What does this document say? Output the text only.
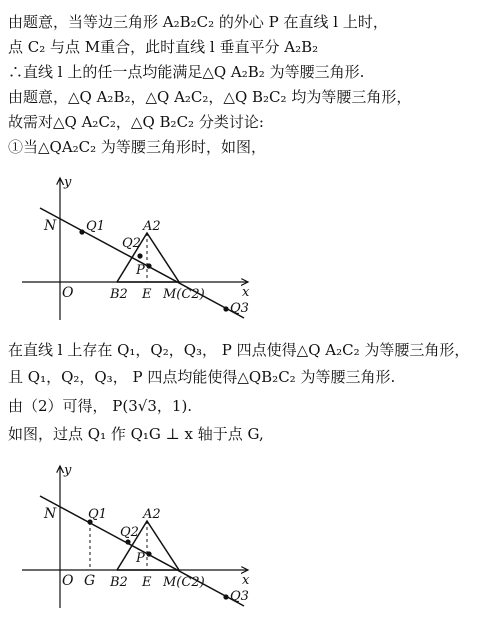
由题意，当等边三角形 A₂B₂C₂ 的外心 P 在直线 l 上时，
点 C₂ 与点 M重合，此时直线 l 垂直平分 A₂B₂
∴直线 l 上的任一点均能满足△Q A₂B₂ 为等腰三角形.
由题意，△Q A₂B₂，△Q A₂C₂，△Q B₂C₂ 均为等腰三角形，
故需对△Q A₂C₂，△Q B₂C₂ 分类讨论:
①当△QA₂C₂ 为等腰三角形时，如图，
y
x
N
O
Q1
Q2
A2
P
B2 E M(C2)
Q3
在直线 l 上存在 Q₁，Q₂，Q₃， P 四点使得△Q A₂C₂ 为等腰三角形，
且 Q₁，Q₂，Q₃， P 四点均能使得△QB₂C₂ 为等腰三角形.
由（2）可得， P(3√3，1).
如图，过点 Q₁ 作 Q₁G ⊥ x 轴于点 G,
y
x
N
O G
Q1
Q2
A2
P
B2 E M(C2)
Q3
